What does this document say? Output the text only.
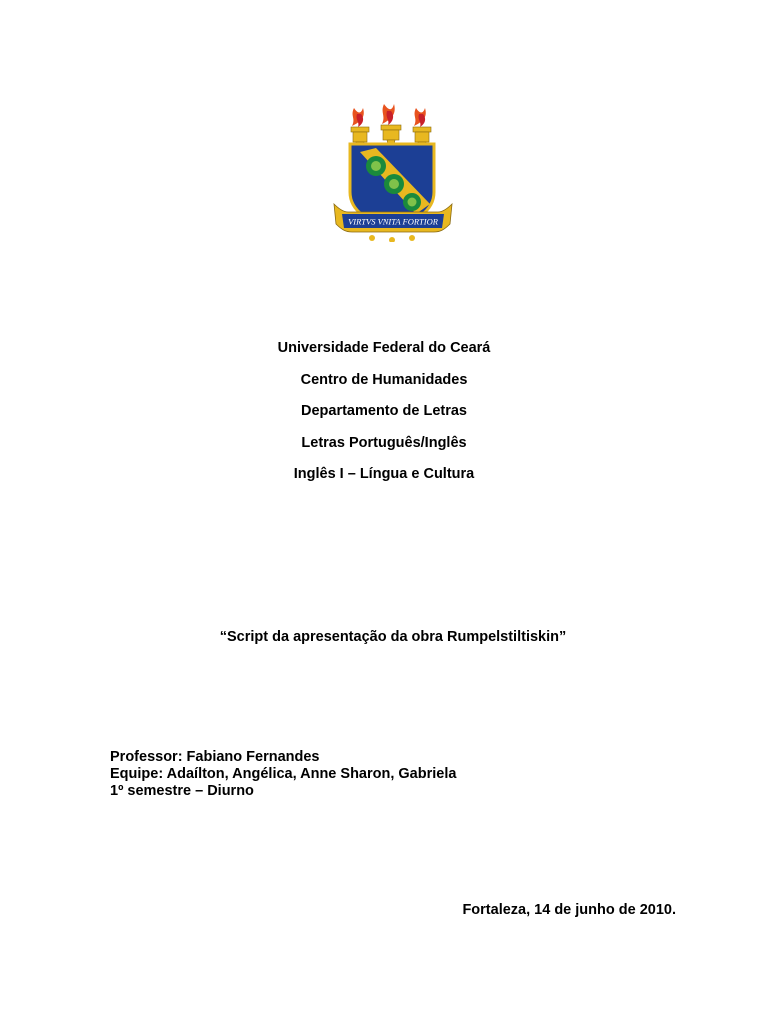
VIRTVS VNITA FORTIOR
Universidade Federal do Ceará
Centro de Humanidades
Departamento de Letras
Letras Português/Inglês
Inglês I – Língua e Cultura
“Script da apresentação da obra Rumpelstiltiskin”
Professor: Fabiano Fernandes
Equipe: Adaílton, Angélica, Anne Sharon, Gabriela
1º semestre – Diurno
Fortaleza, 14 de junho de 2010.
